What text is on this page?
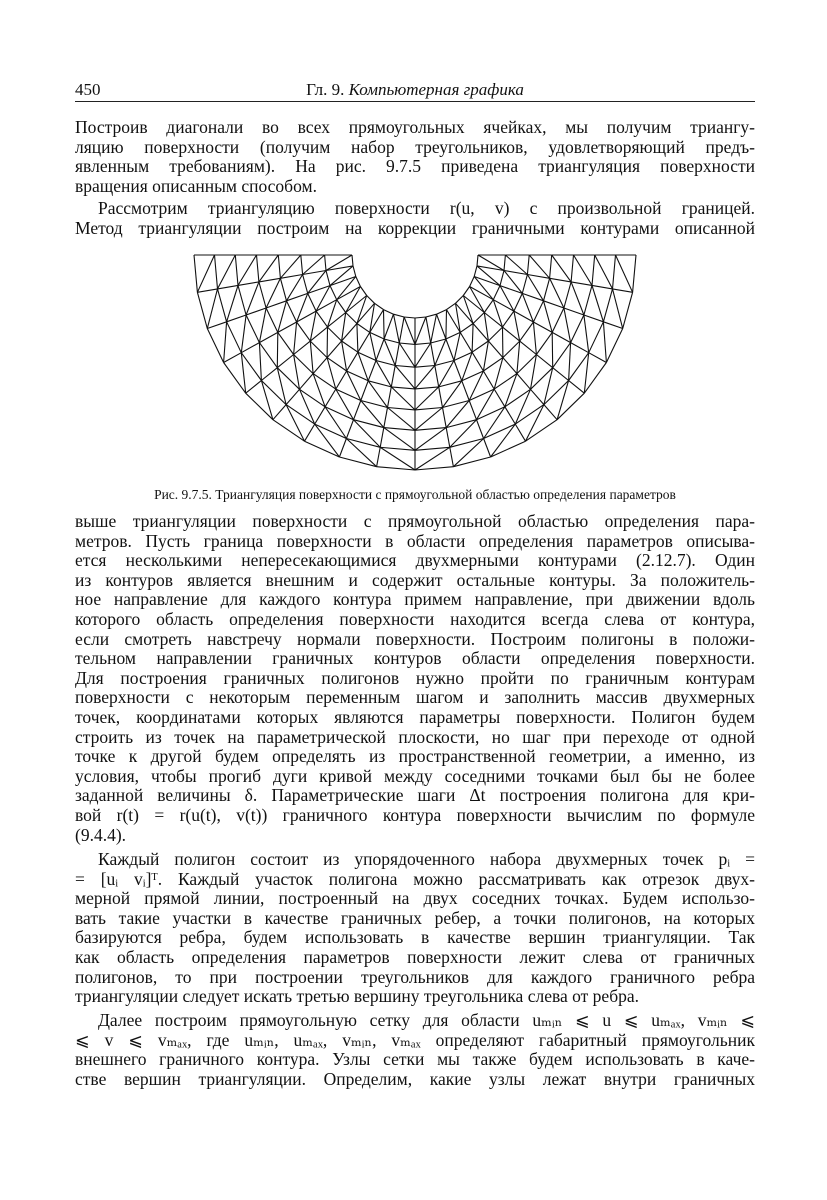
450	Гл. 9. Компьютерная графика
Построив диагонали во всех прямоугольных ячейках, мы получим триангу-
ляцию поверхности (получим набор треугольников, удовлетворяющий предъ-
явленным требованиям). На рис. 9.7.5 приведена триангуляция поверхности
вращения описанным способом.
Рассмотрим триангуляцию поверхности r(u, v) с произвольной границей.
Метод триангуляции построим на коррекции граничными контурами описанной
Рис. 9.7.5. Триангуляция поверхности с прямоугольной областью определения параметров
выше триангуляции поверхности с прямоугольной областью определения пара-
метров. Пусть граница поверхности в области определения параметров описыва-
ется несколькими непересекающимися двухмерными контурами (2.12.7). Один
из контуров является внешним и содержит остальные контуры. За положитель-
ное направление для каждого контура примем направление, при движении вдоль
которого область определения поверхности находится всегда слева от контура,
если смотреть навстречу нормали поверхности. Построим полигоны в положи-
тельном направлении граничных контуров области определения поверхности.
Для построения граничных полигонов нужно пройти по граничным контурам
поверхности с некоторым переменным шагом и заполнить массив двухмерных
точек, координатами которых являются параметры поверхности. Полигон будем
строить из точек на параметрической плоскости, но шаг при переходе от одной
точке к другой будем определять из пространственной геометрии, а именно, из
условия, чтобы прогиб дуги кривой между соседними точками был бы не более
заданной величины δ. Параметрические шаги Δt построения полигона для кри-
вой r(t) = r(u(t), v(t)) граничного контура поверхности вычислим по формуле
(9.4.4).
Каждый полигон состоит из упорядоченного набора двухмерных точек pᵢ =
= [uᵢ vᵢ]ᵀ. Каждый участок полигона можно рассматривать как отрезок двух-
мерной прямой линии, построенный на двух соседних точках. Будем использо-
вать такие участки в качестве граничных ребер, а точки полигонов, на которых
базируются ребра, будем использовать в качестве вершин триангуляции. Так
как область определения параметров поверхности лежит слева от граничных
полигонов, то при построении треугольников для каждого граничного ребра
триангуляции следует искать третью вершину треугольника слева от ребра.
Далее построим прямоугольную сетку для области uₘᵢₙ ⩽ u ⩽ uₘₐₓ, vₘᵢₙ ⩽
⩽ v ⩽ vₘₐₓ, где uₘᵢₙ, uₘₐₓ, vₘᵢₙ, vₘₐₓ определяют габаритный прямоугольник
внешнего граничного контура. Узлы сетки мы также будем использовать в каче-
стве вершин триангуляции. Определим, какие узлы лежат внутри граничных
